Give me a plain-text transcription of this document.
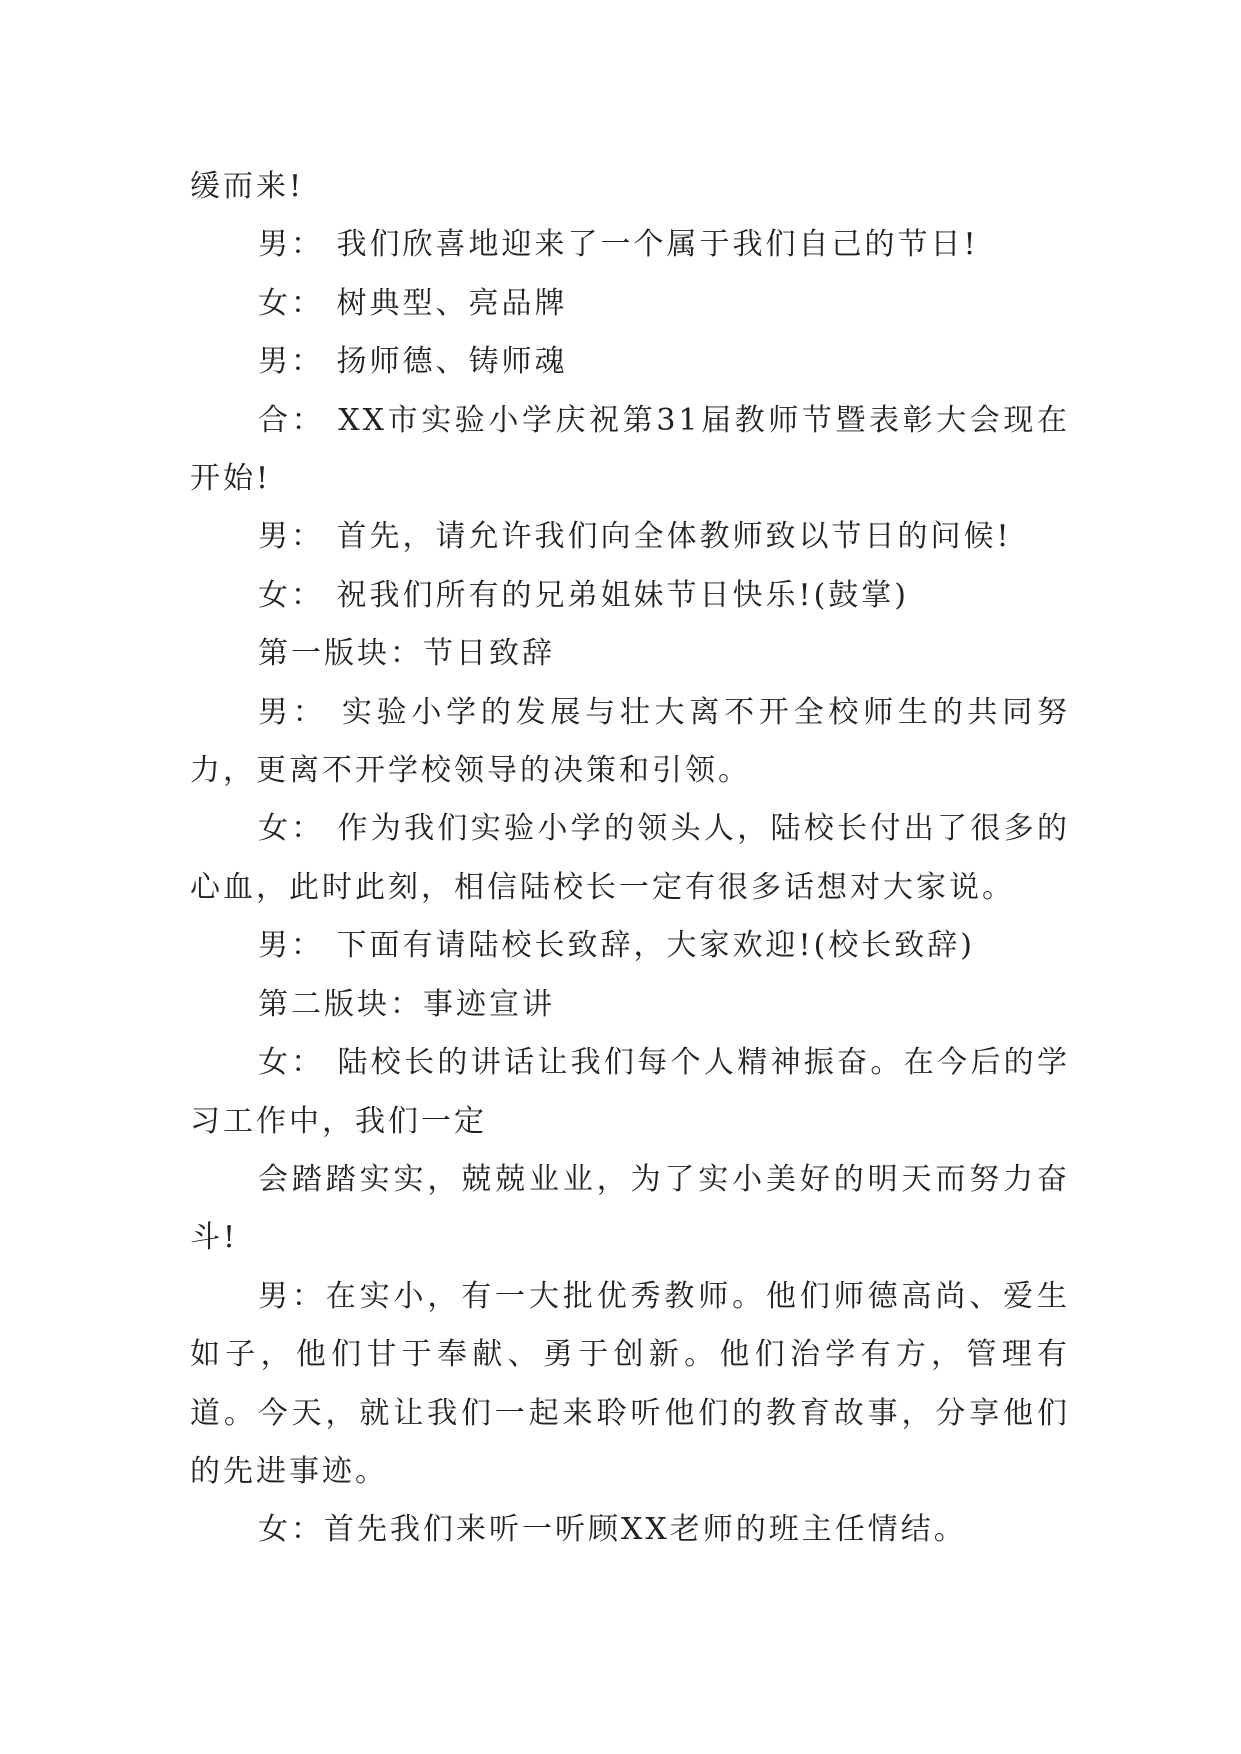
缓而来!

男： 我们欣喜地迎来了一个属于我们自己的节日!

女： 树典型、亮品牌

男： 扬师德、铸师魂

合： XX市实验小学庆祝第31届教师节暨表彰大会现在开始!

男： 首先，请允许我们向全体教师致以节日的问候!

女： 祝我们所有的兄弟姐妹节日快乐!(鼓掌)

第一版块：节日致辞

男： 实验小学的发展与壮大离不开全校师生的共同努力，更离不开学校领导的决策和引领。

女： 作为我们实验小学的领头人，陆校长付出了很多的心血，此时此刻，相信陆校长一定有很多话想对大家说。

男： 下面有请陆校长致辞，大家欢迎!(校长致辞)

第二版块：事迹宣讲

女： 陆校长的讲话让我们每个人精神振奋。在今后的学习工作中，我们一定

会踏踏实实，兢兢业业，为了实小美好的明天而努力奋斗!

男：在实小，有一大批优秀教师。他们师德高尚、爱生如子，他们甘于奉献、勇于创新。他们治学有方，管理有道。今天，就让我们一起来聆听他们的教育故事，分享他们的先进事迹。

女：首先我们来听一听顾XX老师的班主任情结。
